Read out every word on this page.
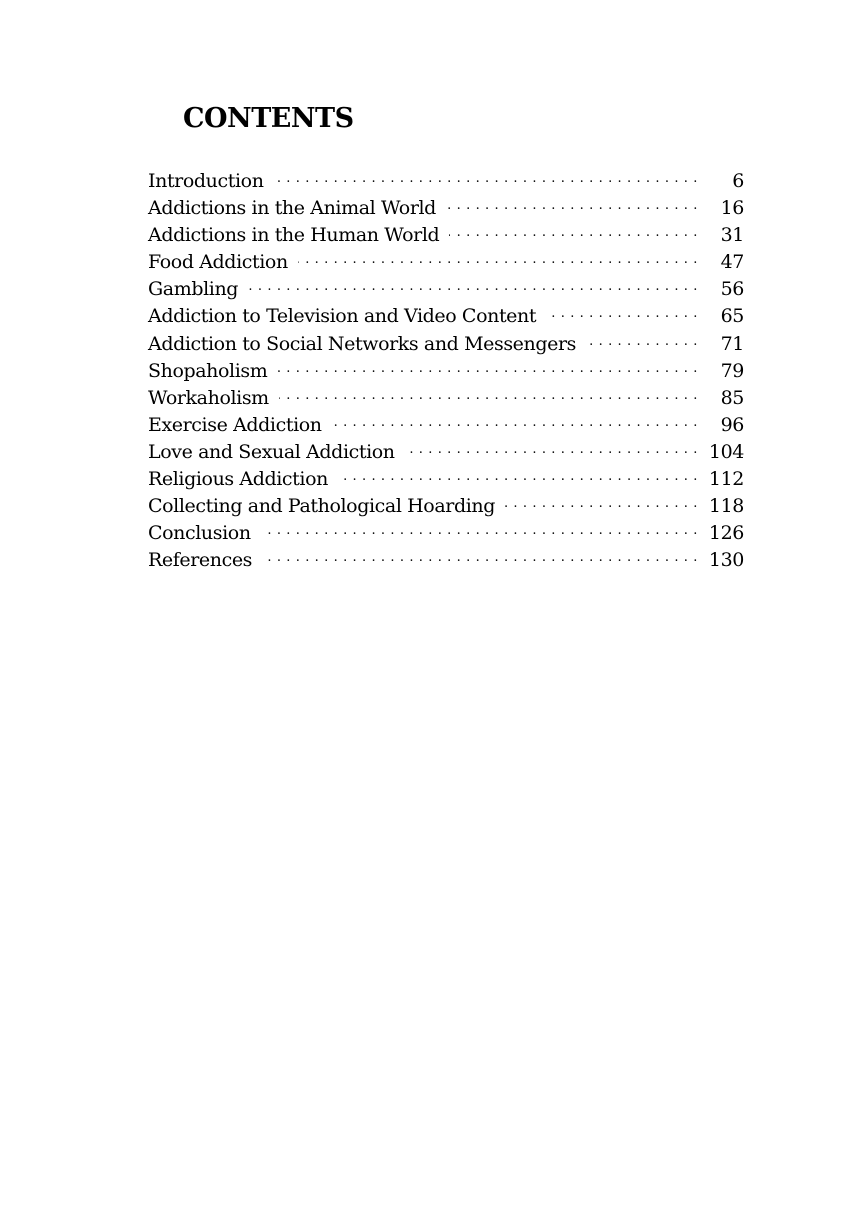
CONTENTS
Introduction . . .	6
Addictions in the Animal World . . .	16
Addictions in the Human World . . .	31
Food Addiction . . .	47
Gambling . . .	56
Addiction to Television and Video Content . . .	65
Addiction to Social Networks and Messengers . . .	71
Shopaholism . . .	79
Workaholism . . .	85
Exercise Addiction . . .	96
Love and Sexual Addiction . . .	104
Religious Addiction . . .	112
Collecting and Pathological Hoarding . . .	118
Conclusion . . .	126
References . . .	130
